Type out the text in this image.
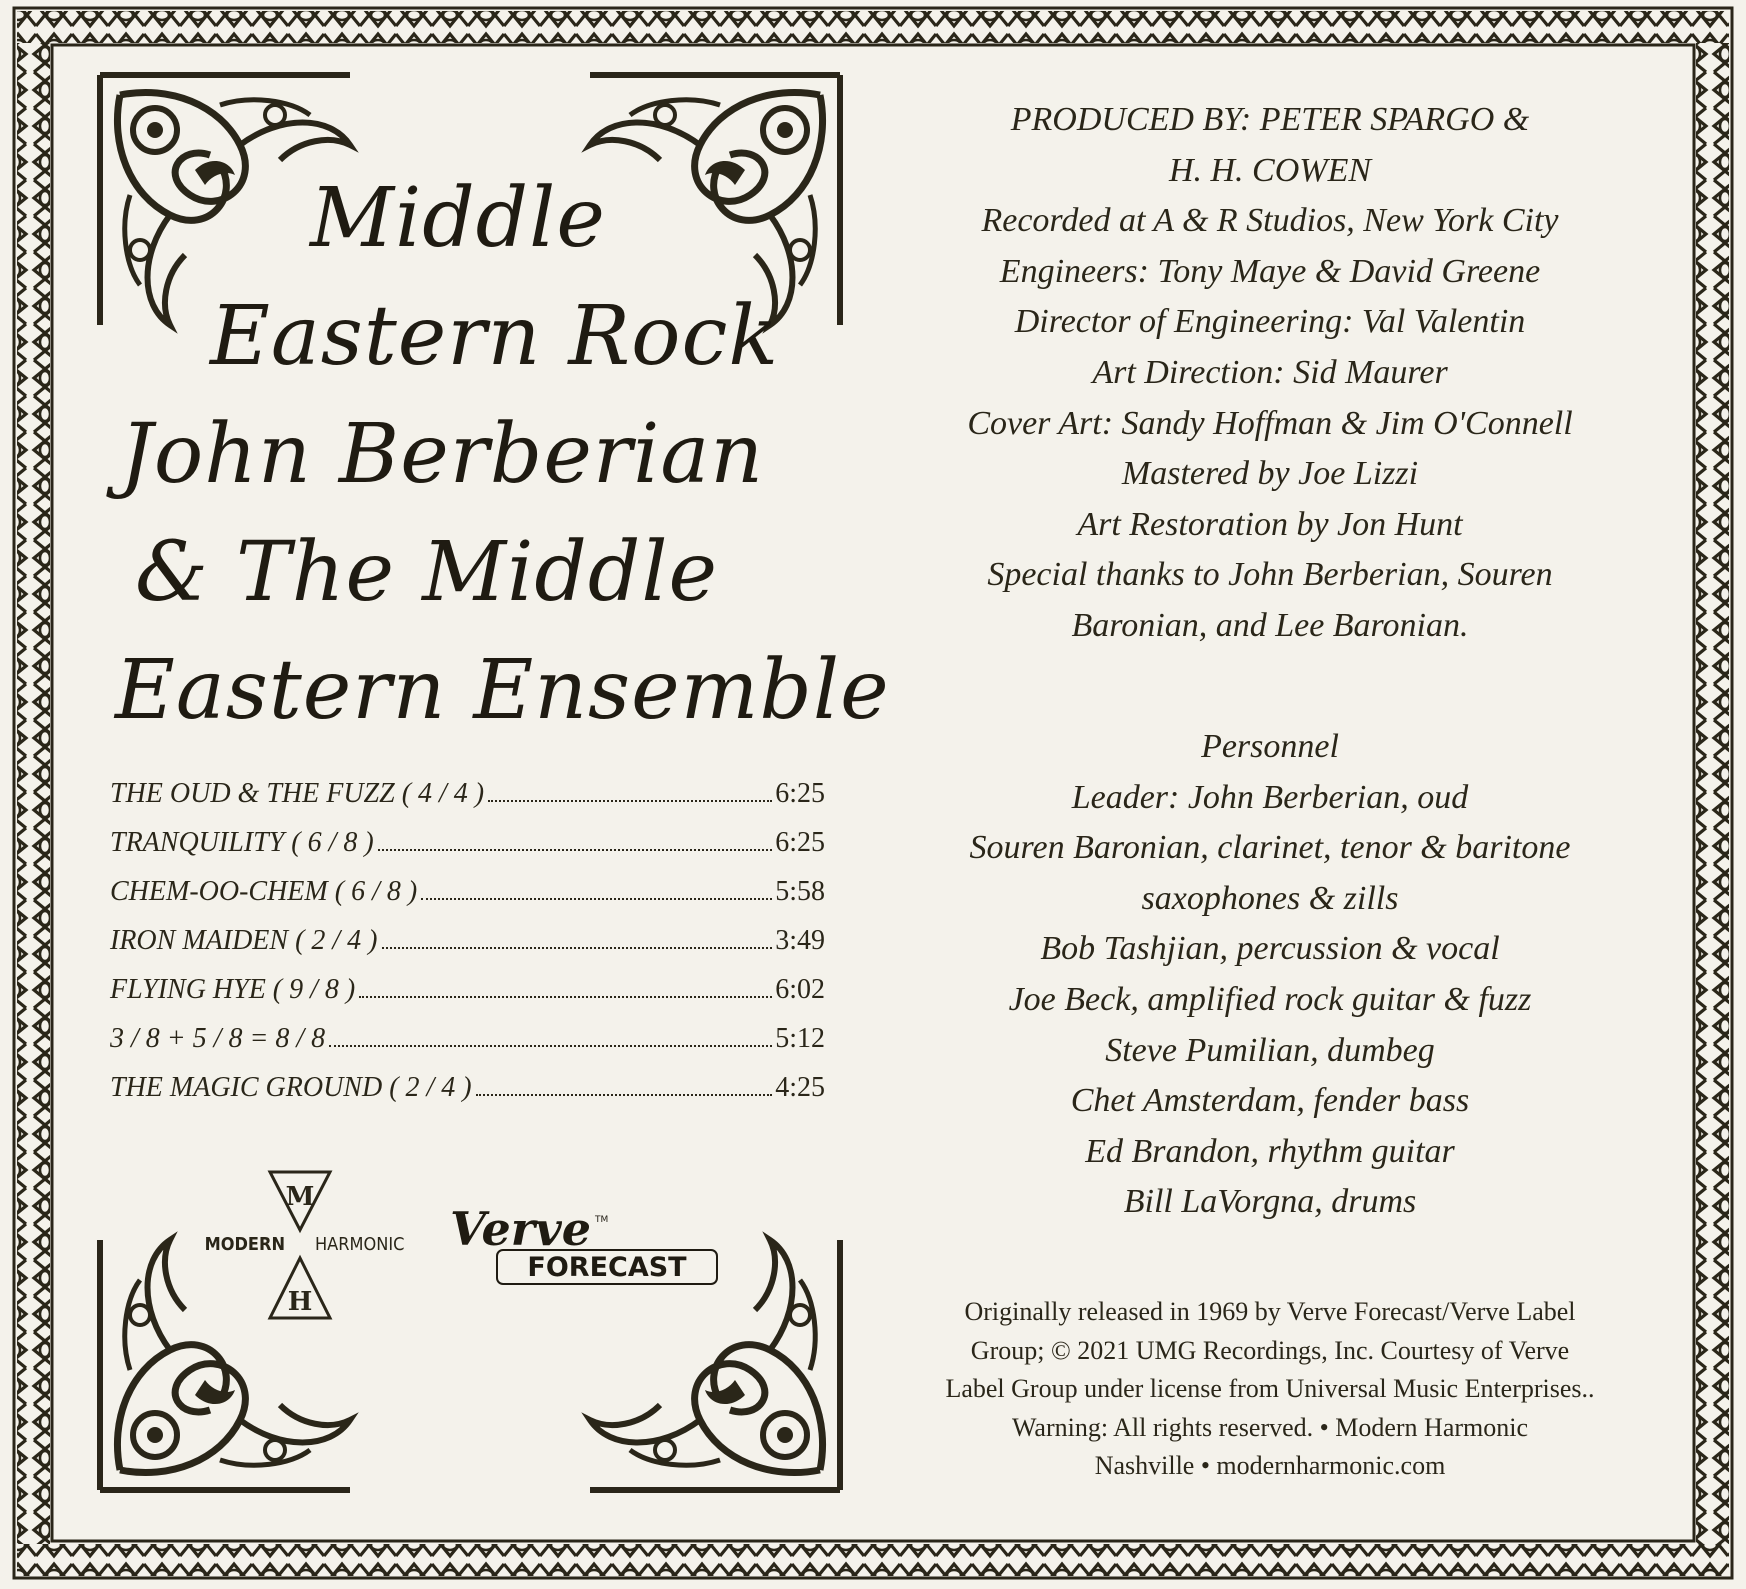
Middle
Eastern Rock
John Berberian
& The Middle
Eastern Ensemble
THE OUD & THE FUZZ ( 4 / 4 )	6:25
TRANQUILITY ( 6 / 8 )	6:25
CHEM-OO-CHEM ( 6 / 8 )	5:58
IRON MAIDEN ( 2 / 4 )	3:49
FLYING HYE ( 9 / 8 )	6:02
3 / 8 + 5 / 8 = 8 / 8	5:12
THE MAGIC GROUND ( 2 / 4 )	4:25
M
MODERN HARMONIC
H
Verve TM
FORECAST
PRODUCED BY: PETER SPARGO &
H. H. COWEN
Recorded at A & R Studios, New York City
Engineers: Tony Maye & David Greene
Director of Engineering: Val Valentin
Art Direction: Sid Maurer
Cover Art: Sandy Hoffman & Jim O'Connell
Mastered by Joe Lizzi
Art Restoration by Jon Hunt
Special thanks to John Berberian, Souren
Baronian, and Lee Baronian.
Personnel
Leader: John Berberian, oud
Souren Baronian, clarinet, tenor & baritone
saxophones & zills
Bob Tashjian, percussion & vocal
Joe Beck, amplified rock guitar & fuzz
Steve Pumilian, dumbeg
Chet Amsterdam, fender bass
Ed Brandon, rhythm guitar
Bill LaVorgna, drums
Originally released in 1969 by Verve Forecast/Verve Label
Group; © 2021 UMG Recordings, Inc. Courtesy of Verve
Label Group under license from Universal Music Enterprises..
Warning: All rights reserved. • Modern Harmonic
Nashville • modernharmonic.com
